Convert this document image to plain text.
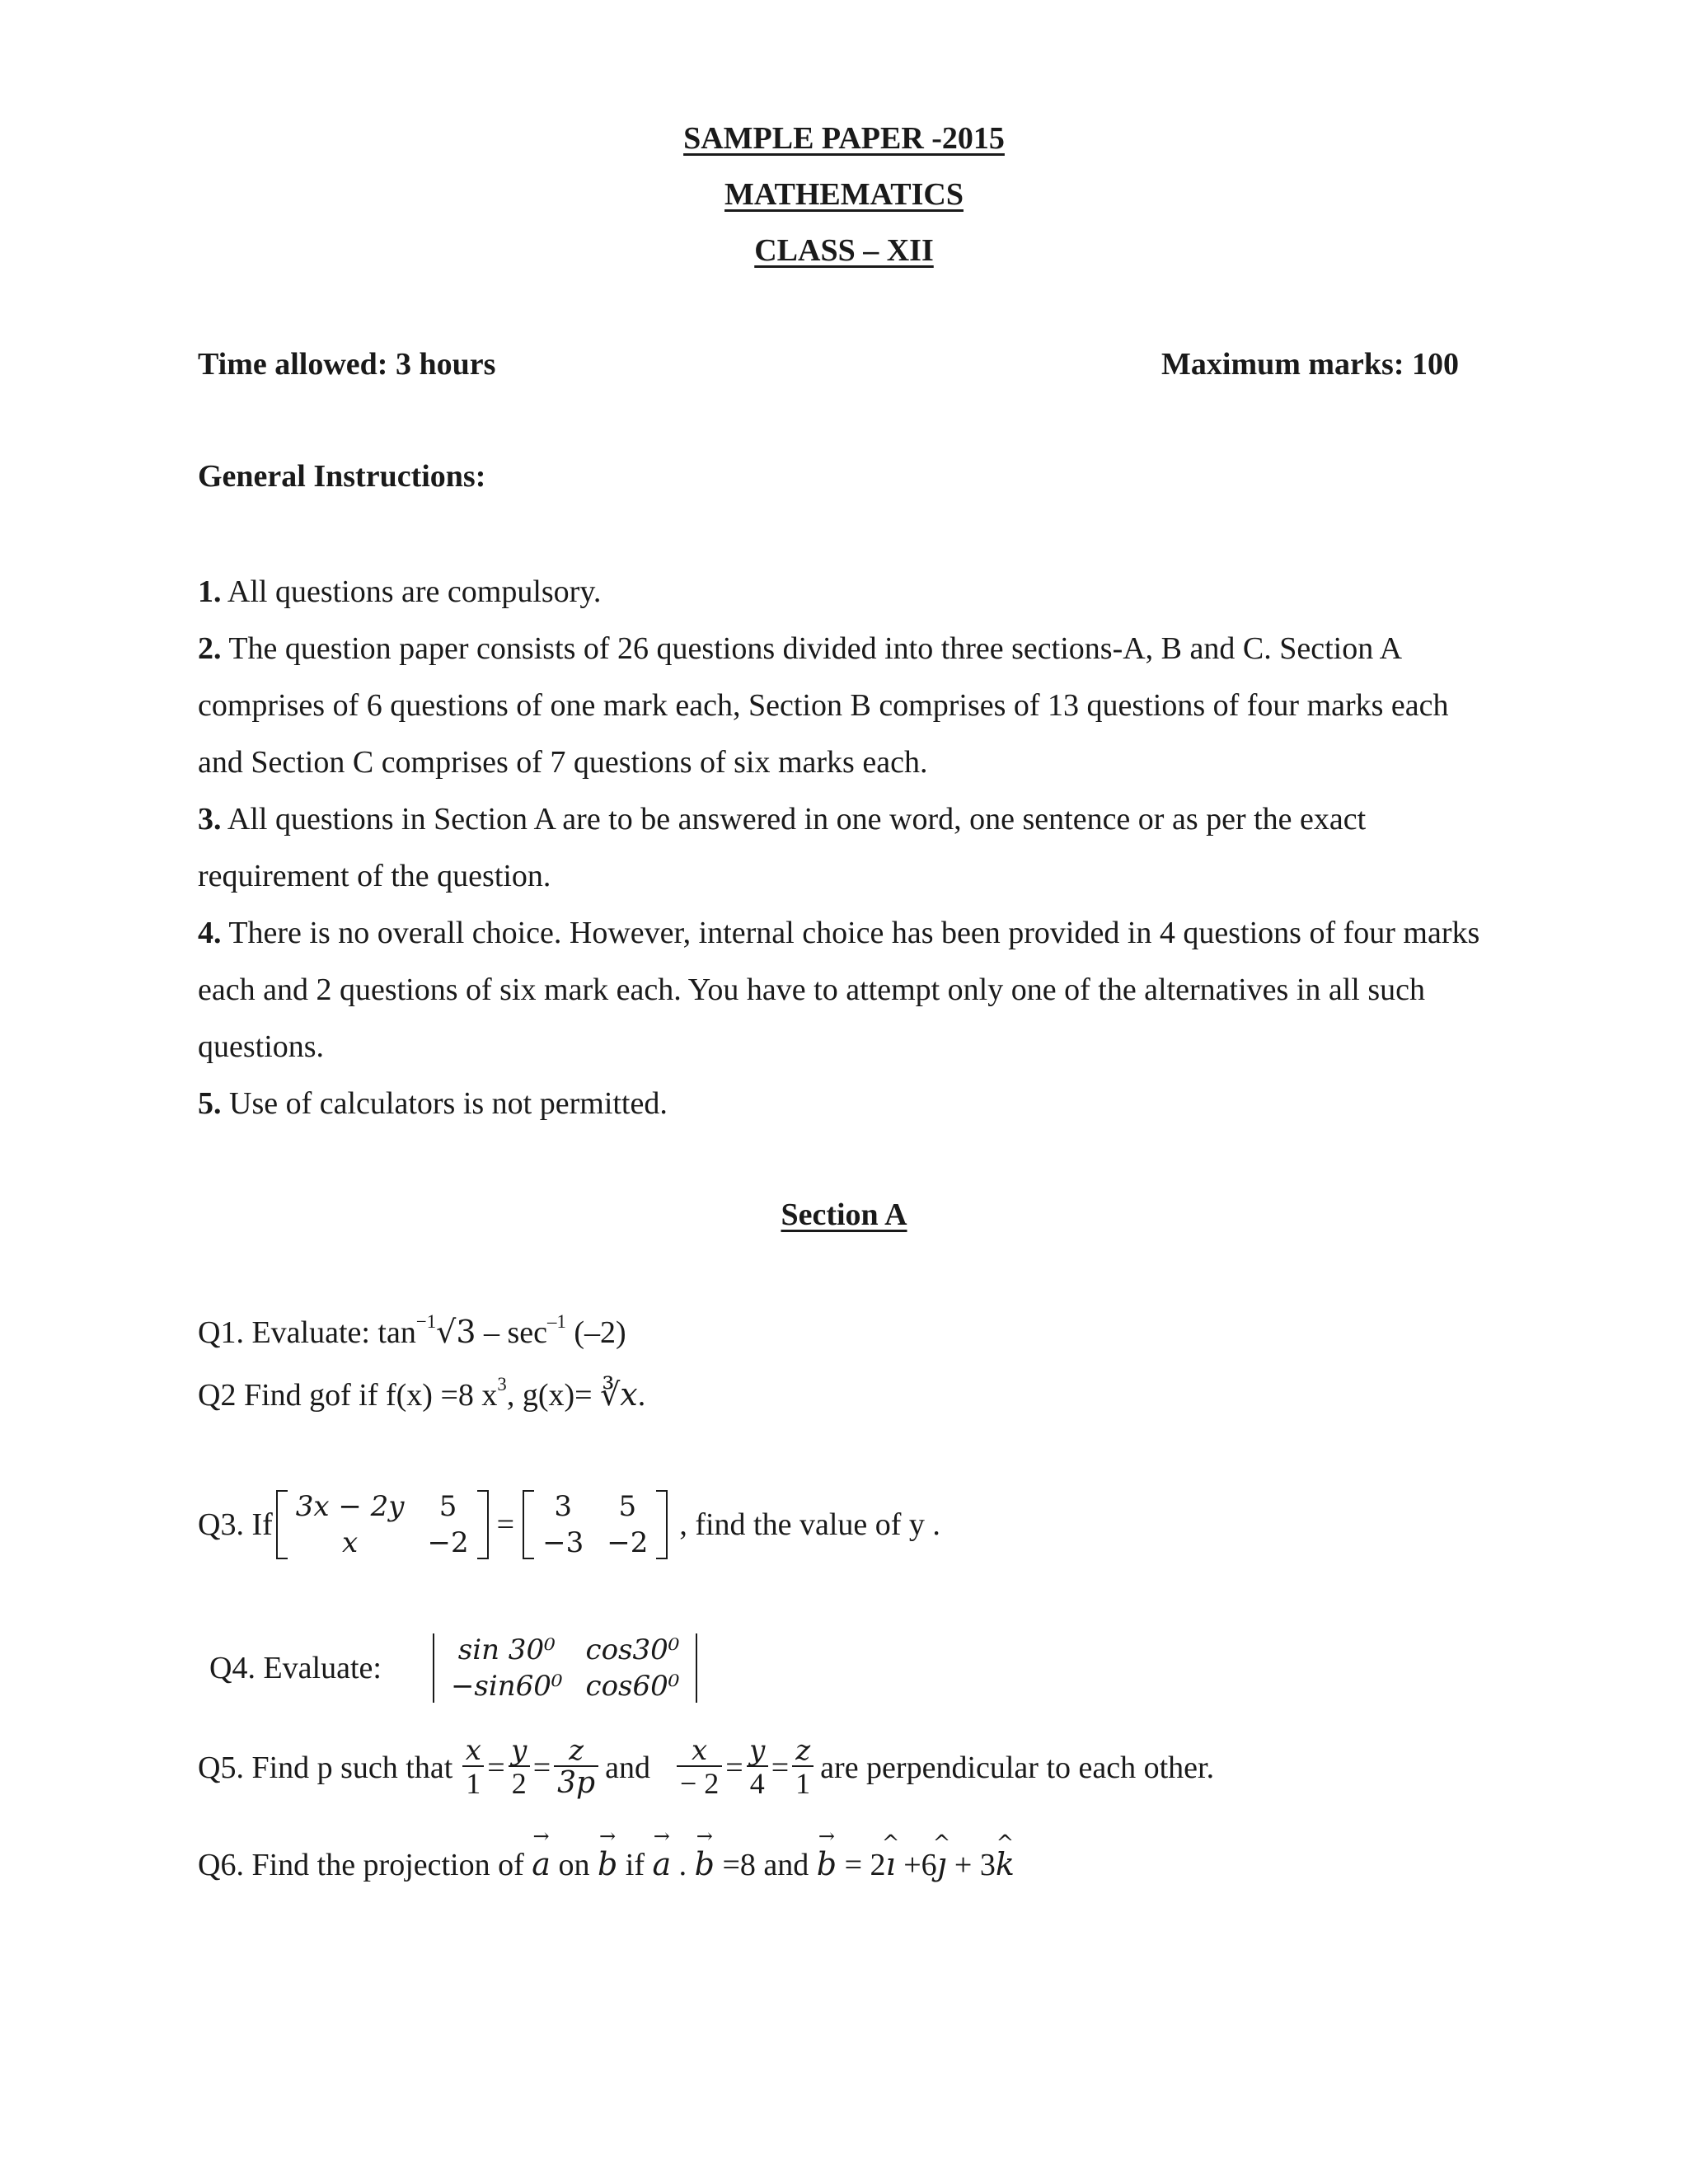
SAMPLE PAPER -2015
MATHEMATICS
CLASS – XII
Time allowed: 3 hours	Maximum marks: 100
General Instructions:

1. All questions are compulsory.

2. The question paper consists of 26 questions divided into three sections-A, B and C. Section A comprises of 6 questions of one mark each, Section B comprises of 13 questions of four marks each and Section C comprises of 7 questions of six marks each.

3. All questions in Section A are to be answered in one word, one sentence or as per the exact requirement of the question.

4. There is no overall choice. However, internal choice has been provided in 4 questions of four marks each and 2 questions of six mark each. You have to attempt only one of the alternatives in all such questions.

5. Use of calculators is not permitted.

Section A
Q1. Evaluate: $\tan^{-1}√3 - \sec^{-1} (-2)$
Q2 Find gof if f(x) =8 $x^3$, g(x)= ∛x.
Q3. If
3x − 2y	5
x	−2
=
3	5
−3	−2
, find the value of y .
Q4. Evaluate:
sin 30⁰	cos30⁰
−sin60⁰	cos60⁰
Q5. Find p such that $\frac{x}{1} = \frac{y}{2} = \frac{z}{3p}$ and $\frac{x}{- 2} = \frac{y}{4} = \frac{z}{1}$ are perpendicular to each other.
Q6. Find the projection of → a on → b if → a . → b =8 and → b = 2^ ı +6^ ȷ + 3^ k
